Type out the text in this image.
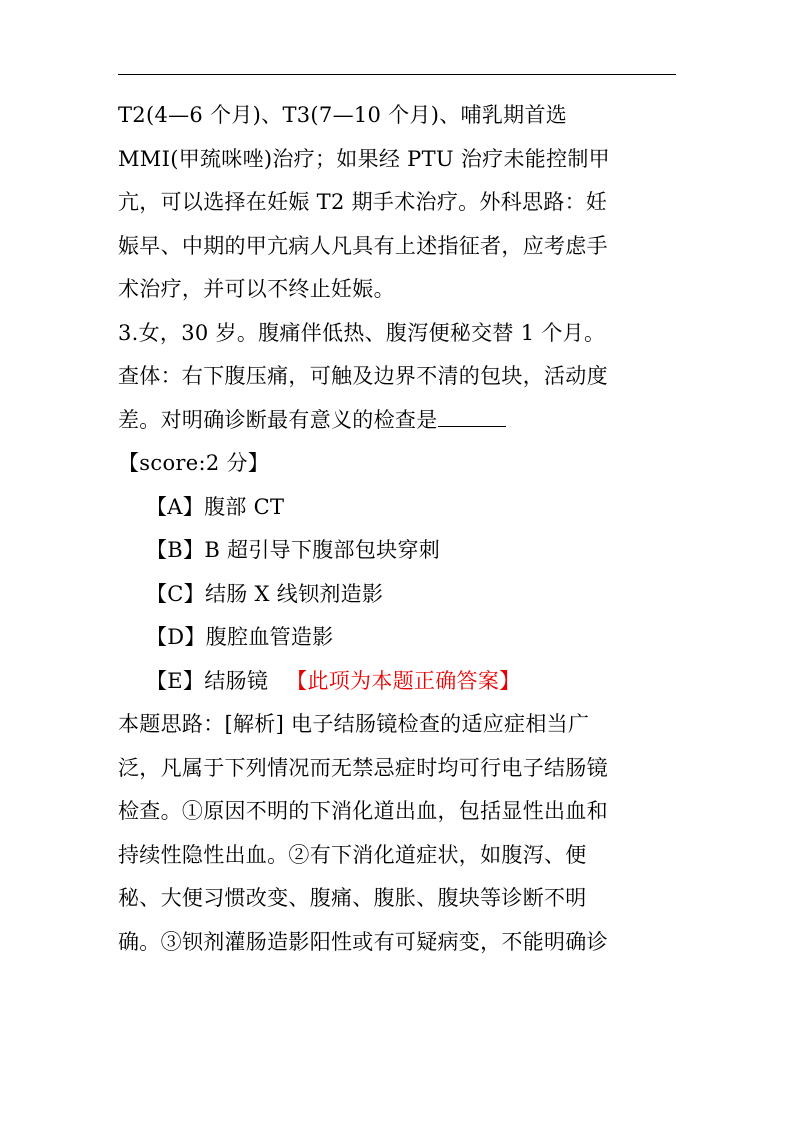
T2(4—6 个月)、T3(7—10 个月)、哺乳期首选
MMI(甲巯咪唑)治疗；如果经 PTU 治疗未能控制甲
亢，可以选择在妊娠 T2 期手术治疗。外科思路：妊
娠早、中期的甲亢病人凡具有上述指征者，应考虑手
术治疗，并可以不终止妊娠。
3.女，30 岁。腹痛伴低热、腹泻便秘交替 1 个月。
查体：右下腹压痛，可触及边界不清的包块，活动度
差。对明确诊断最有意义的检查是
【score:2 分】
【A】腹部 CT
【B】B 超引导下腹部包块穿刺
【C】结肠 X 线钡剂造影
【D】腹腔血管造影
【E】结肠镜 【此项为本题正确答案】
本题思路：[解析] 电子结肠镜检查的适应症相当广
泛，凡属于下列情况而无禁忌症时均可行电子结肠镜
检查。①原因不明的下消化道出血，包括显性出血和
持续性隐性出血。②有下消化道症状，如腹泻、便
秘、大便习惯改变、腹痛、腹胀、腹块等诊断不明
确。③钡剂灌肠造影阳性或有可疑病变，不能明确诊
